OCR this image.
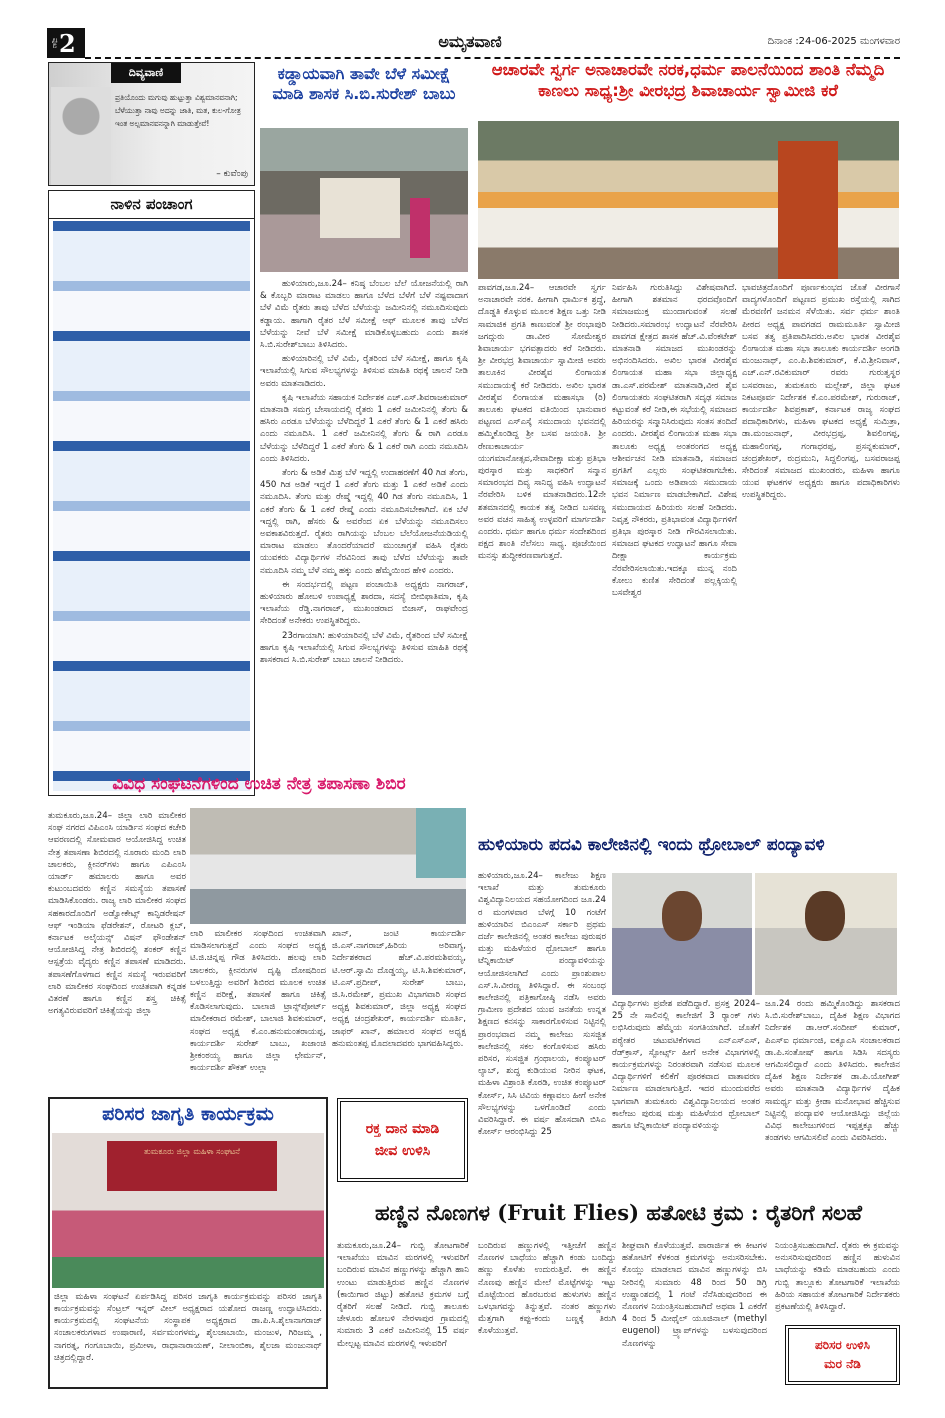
ಪುಟ 2	ಅಮೃತವಾಣಿ	ದಿನಾಂಕ :24-06-2025 ಮಂಗಳವಾರ
ದಿವ್ಯವಾಣಿ
ಪ್ರತಿಯೊಂದು ಮಗುವು ಹುಟ್ಟುತ್ತಾ ವಿಶ್ವಮಾನವನಾಗಿ; ಬೆಳೆಯುತ್ತಾ ನಾವು ಅದನ್ನು ಜಾತಿ, ಮತ, ಕುಲ-ಗೋತ್ರ ಇಂತ ಅಲ್ಪಮಾನವನನ್ನಾಗಿ ಮಾಡುತ್ತೇವೆ!
– ಕುವೆಂಪು
ನಾಳಿನ ಪಂಚಾಂಗ
ಕಡ್ಡಾಯವಾಗಿ ತಾವೇ ಬೆಳೆ ಸಮೀಕ್ಷೆ ಮಾಡಿ ಶಾಸಕ ಸಿ.ಬಿ.ಸುರೇಶ್ ಬಾಬು

ಹುಳಿಯಾರು,ಜೂ.24– ಕನಿಷ್ಠ ಬೆಂಬಲ ಬೆಲೆ ಯೋಜನೆಯಲ್ಲಿ ರಾಗಿ & ಕೊಬ್ಬರಿ ಮಾರಾಟ ಮಾಡಲು ಹಾಗೂ ಬೆಳೆದ ಬೆಳೆಗೆ ಬೆಳೆ ನಷ್ಟವಾದಾಗ ಬೆಳೆ ವಿಮೆ ರೈತರು ತಾವು ಬೆಳೆದ ಬೆಳೆಯನ್ನು ಜಮೀನಿನಲ್ಲಿ ನಮೂದಿಸುವುದು ಕಡ್ಡಾಯ. ಹಾಗಾಗಿ ರೈತರ ಬೆಳೆ ಸಮೀಕ್ಷೆ ಆಫ್ ಮೂಲಕ ತಾವು ಬೆಳೆದ ಬೆಳೆಯನ್ನು ನೀವೆ ಬೆಳೆ ಸಮೀಕ್ಷೆ ಮಾಡಿಕೊಳ್ಳಬಹುದು ಎಂದು ಶಾಸಕ ಸಿ.ಬಿ.ಸುರೇಶ್‌ಬಾಬು ತಿಳಿಸಿದರು.

ಹುಳಿಯಾರಿನಲ್ಲಿ ಬೆಳೆ ವಿಮೆ, ರೈತರಿಂದ ಬೆಳೆ ಸಮೀಕ್ಷೆ, ಹಾಗೂ ಕೃಷಿ ಇಲಾಖೆಯಲ್ಲಿ ಸಿಗುವ ಸೌಲಭ್ಯಗಳನ್ನು ತಿಳಿಸುವ ಮಾಹಿತಿ ರಥಕ್ಕೆ ಚಾಲನೆ ನೀಡಿ ಅವರು ಮಾತನಾಡಿದರು.

ಕೃಷಿ ಇಲಾಖೆಯ ಸಹಾಯಕ ನಿರ್ದೇಶಕ ಎಚ್.ಎಸ್.ಶಿವರಾಜಕುಮಾರ್ ಮಾತನಾಡಿ ಸಮಗ್ರ ಬೇಸಾಯದಲ್ಲಿ ರೈತರು 1 ಎಕರೆ ಜಮೀನಿನಲ್ಲಿ ತೆಂಗು & ಹಸಿರು ಎರಡೂ ಬೆಳೆಯನ್ನು ಬೆಳೆದಿದ್ದರೆ 1 ಎಕರೆ ತೆಂಗು & 1 ಎಕರೆ ಹಸಿರು ಎಂದು ನಮೂದಿಸಿ. 1 ಎಕರೆ ಜಮೀನಿನಲ್ಲಿ ತೆಂಗು & ರಾಗಿ ಎರಡೂ ಬೆಳೆಯನ್ನು ಬೆಳೆದಿದ್ದರೆ 1 ಎಕರೆ ತೆಂಗು & 1 ಎಕರೆ ರಾಗಿ ಎಂದು ನಮೂದಿಸಿ ಎಂದು ತಿಳಿಸಿದರು.

ತೆಂಗು & ಅಡಿಕೆ ಮಿಶ್ರ ಬೆಳೆ ಇದ್ದಲ್ಲಿ ಉದಾಹರಣೆಗೆ 40 ಗಿಡ ತೆಂಗು, 450 ಗಿಡ ಅಡಿಕೆ ಇದ್ದರೆ 1 ಎಕರೆ ತೆಂಗು ಮತ್ತು 1 ಎಕರೆ ಅಡಿಕೆ ಎಂದು ನಮೂದಿಸಿ. ತೆಂಗು ಮತ್ತು ರೇಷ್ಮೆ ಇದ್ದಲ್ಲಿ 40 ಗಿಡ ತೆಂಗು ನಮೂದಿಸಿ, 1 ಎಕರೆ ತೆಂಗು & 1 ಎಕರೆ ರೇಷ್ಮೆ ಎಂದು ನಮೂದಿಸಬೇಕಾಗಿದೆ. ಏಕ ಬೆಳೆ ಇದ್ದಲ್ಲಿ ರಾಗಿ, ಹೆಸರು & ಅವರೆಂದ ಏಕ ಬೆಳೆಯನ್ನು ನಮೂದಿಸಲು ಅವಕಾಶವಿರುತ್ತದೆ. ರೈತರು ರಾಗಿಯನ್ನು ಬೆಂಬಲ ಬೆಲೆಯೋಜನೆಯಡಿಯಲ್ಲಿ ಮಾರಾಟ ಮಾಡಲು ತೊಂದರೆಯಾದರೆ ಮುಂಚಾಗ್ರತೆ ವಹಿಸಿ ರೈತರು ಯುವಕರು ವಿದ್ಯಾರ್ಥಿಗಳ ನೆರವಿನಿಂದ ತಾವು ಬೆಳೆದ ಬೆಳೆಯನ್ನು ತಾವೇ ನಮೂದಿಸಿ ನಮ್ಮ ಬೆಳೆ ನಮ್ಮ ಹಕ್ಕು ಎಂದು ಹೆಮ್ಮೆಯಿಂದ ಹೇಳಿ ಎಂದರು.

ಈ ಸಂದರ್ಭದಲ್ಲಿ ಪಟ್ಟಣ ಪಂಚಾಯಿತಿ ಅಧ್ಯಕ್ಷರು ನಾಗರಾಜ್, ಹುಳಿಯಾರು ಹೋಬಳಿ ಉಪಾಧ್ಯಕ್ಷೆ ಶಾರದಾ, ಸದಸ್ಯೆ ಬೀಬಿಫಾತಿಮಾ, ಕೃಷಿ ಇಲಾಖೆಯ ರೆಡ್ಡಿ.ನಾಗರಾಜ್, ಮುಖಂಡರಾದ ಬಿಜಾಸ್, ರಾಘವೇಂದ್ರ ಸೇರಿದಂತೆ ಅನೇಕರು ಉಪಸ್ಥಿತರಿದ್ದರು.

23ರಗಾಯಾಗಿ: ಹುಳಿಯಾರಿನಲ್ಲಿ ಬೆಳೆ ವಿಮೆ, ರೈತರಿಂದ ಬೆಳೆ ಸಮೀಕ್ಷೆ ಹಾಗೂ ಕೃಷಿ ಇಲಾಖೆಯಲ್ಲಿ ಸಿಗುವ ಸೌಲಭ್ಯಗಳನ್ನು ತಿಳಿಸುವ ಮಾಹಿತಿ ರಥಕ್ಕೆ ಶಾಸಕರಾದ ಸಿ.ಬಿ.ಸುರೇಶ್ ಬಾಬು ಚಾಲನೆ ನೀಡಿದರು.

ಆಚಾರವೇ ಸ್ವರ್ಗ ಅನಾಚಾರವೇ ನರಕ,ಧರ್ಮ ಪಾಲನೆಯಿಂದ ಶಾಂತಿ ನೆಮ್ಮದಿ ಕಾಣಲು ಸಾಧ್ಯ:ಶ್ರೀ ವೀರಭದ್ರ ಶಿವಾಚಾರ್ಯ ಸ್ವಾಮೀಜಿ ಕರೆ
ಪಾವಗಡ,ಜೂ.24– ಆಚಾರವೇ ಸ್ವರ್ಗ ಅನಾಚಾರವೇ ನರಕ. ಹೀಗಾಗಿ ಧಾರ್ಮಿಕ ಶ್ರದ್ಧೆ, ದೊಡ್ಡತಿ ಕೊಳ್ಳುವ ಮೂಲಕ ಶಿಕ್ಷಣ ಒತ್ತು ನೀಡಿ ಸಾಮಾಜಿಕ ಪ್ರಗತಿ ಕಾಣುವಂತೆ ಶ್ರೀ ರಂಭಾಪುರಿ ಜಗದ್ಗುರು ಡಾ.ವೀರ ಸೋಮೇಶ್ವರ ಶಿವಾಚಾರ್ಯ ಭಗವತ್ಪಾದರು ಕರೆ ನೀಡಿದರು. ಶ್ರೀ ವೀರಭದ್ರ ಶಿವಾಚಾರ್ಯ ಸ್ವಾಮೀಜಿ ಅವರು ತಾಲೂಕಿನ ವೀರಶೈವ ಲಿಂಗಾಯತ ಸಮುದಾಯಕ್ಕೆ ಕರೆ ನೀಡಿದರು. ಅಖಿಲ ಭಾರತ ವೀರಶೈವ ಲಿಂಗಾಯತ ಮಹಾಸಭಾ (ರಿ) ತಾಲೂಕು ಘಟಕದ ವತಿಯಿಂದ ಭಾನುವಾರ ಪಟ್ಟಣದ ಎಸ್ಎಸ್ಕೆ ಸಮುದಾಯ ಭವನದಲ್ಲಿ ಹಮ್ಮಿಕೊಂಡಿದ್ದ ಶ್ರೀ ಬಸವ ಜಯಂತಿ. ಶ್ರೀ ರೇಣುಕಾಚಾರ್ಯ ಯುಗಮಾನೋತ್ಸವ,ಸೇವಾದೀಕ್ಷಾ ಮತ್ತು ಪ್ರತಿಭಾ ಪುರಸ್ಕಾರ ಮತ್ತು ಸಾಧಕರಿಗೆ ಸನ್ಮಾನ ಸಮಾರಂಭದ ದಿವ್ಯ ಸಾನಿಧ್ಯ ವಹಿಸಿ ಉದ್ಘಾಟನೆ ನೆರವೇರಿಸಿ ಬಳಿಕ ಮಾತನಾಡಿದರು.12ನೇ ಶತಮಾನದಲ್ಲಿ ಕಾಯಕ ತತ್ವ ನೀಡಿದ ಬಸವಣ್ಣ ಅವರ ವಚನ ಸಾಹಿತ್ಯ ಉಳ್ಳವರಿಗೆ ಮಾರ್ಗದರ್ಶಿ ಎಂದರು. ಧರ್ಮ ಹಾಗೂ ಧರ್ಮ ಸಂದೇಶದಿಂದ ಪಕ್ಷದ ಶಾಂತಿ ನೆಲೆಸಲು ಸಾಧ್ಯ. ಪೂಜೆಯಿಂದ ಮನಸ್ಸು ಶುದ್ಧೀಕರಣವಾಗುತ್ತದೆ.
ನಿರ್ವಹಿಸಿ ಗುರುತಿಸಿದ್ದು ವಿಶೇಷವಾಗಿದೆ. ಹೀಗಾಗಿ ಶತಮಾನ ಧರದವೊಂದಿಗೆ ಸಮಾಜಮುಕ್ತ ಮುಂದಾಗುವಂತೆ ಸಲಹೆ ನೀಡಿದರು.ಸಮಾರಂಭ ಉದ್ಘಾಟನೆ ನೆರವೇರಿಸಿ ಪಾವಗಡ ಕ್ಷೇತ್ರದ ಶಾಸಕ ಹೆಚ್.ವಿ.ವೆಂಕಟೇಶ್ ಮಾತನಾಡಿ ಸಮಾಜದ ಮುಖಂಡರನ್ನು ಅಭಿನಂದಿಸಿದರು. ಅಖಿಲ ಭಾರತ ವೀರಶೈವ ಲಿಂಗಾಯತ ಮಹಾ ಸಭಾ ಜಿಲ್ಲಾಧ್ಯಕ್ಷ ಡಾ.ಎಸ್.ಪರಮೇಶ್ ಮಾತನಾಡಿ,ವೀರ ಶೈವ ಲಿಂಗಾಯತರು ಸಂಘಟಿತರಾಗಿ ಸದೃಢ ಸಮಾಜ ಕಟ್ಟುವಂತೆ ಕರೆ ನೀಡಿ,ಈ ಸಭೆಯಲ್ಲಿ ಸಮಾಜದ ಹಿರಿಯರನ್ನು ಸನ್ಮಾನಿಸಿರುವುದು ಸಂತಸ ತಂದಿದೆ ಎಂದರು. ವೀರಶೈವ ಲಿಂಗಾಯತ ಮಹಾ ಸಭಾ ತಾಲೂಕು ಅಧ್ಯಕ್ಷ ಅಂತರಂಗದ ಅಧ್ಯಕ್ಷ ಆಶೀರ್ವಚನ ನೀಡಿ ಮಾತನಾಡಿ, ಸಮಾಜದ ಪ್ರಗತಿಗೆ ಎಲ್ಲರು ಸಂಘಟಿತರಾಗಬೇಕು. ಸಮಾಜಕ್ಕೆ ಒಂದು ಅಡಿಪಾಯ ಸಮುದಾಯ ಭವನ ನಿರ್ಮಾಣ ಮಾಡಬೇಕಾಗಿದೆ. ವಿಶೇಷ ಸಮುದಾಯದ ಹಿರಿಯರು ಸಲಹೆ ನೀಡಿದರು. ನಿವೃತ್ತ ನೌಕರರು, ಪ್ರತಿಭಾವಂತ ವಿದ್ಯಾರ್ಥಿಗಳಿಗೆ ಪ್ರತಿಭಾ ಪುರಸ್ಕಾರ ನೀಡಿ ಗೌರವಿಸಲಾಯಿತು. ಸಮಾಜದ ಘಟಕದ ಉದ್ಘಾಟನೆ ಹಾಗೂ ಸೇವಾ ದೀಕ್ಷಾ ಕಾರ್ಯಕ್ರಮ ನೆರವೇರಿಸಲಾಯಿತು.ಇದಕ್ಕೂ ಮುನ್ನ ನಂದಿ ಕೋಲು ಕುಣಿತ ಸೇರಿದಂತೆ ಪಲ್ಲಕ್ಕಿಯಲ್ಲಿ ಬಸವೇಶ್ವರ
ಭಾವಚಿತ್ರದೊಂದಿಗೆ ಪೂರ್ಣಕುಂಭದ ಜೊತೆ ವೀರಗಾಸೆ ವಾದ್ಯಗಳೊಂದಿಗೆ ಪಟ್ಟಣದ ಪ್ರಮುಖ ರಸ್ತೆಯಲ್ಲಿ ಸಾಗಿದ ಮೆರವಣಿಗೆ ಜನಮನ ಸೆಳೆಯಿತು. ಸರ್ವ ಧರ್ಮ ಶಾಂತಿ ಪೀಠದ ಅಧ್ಯಕ್ಷ ಪಾವಗಡದ ರಾಮಮೂರ್ತಿ ಸ್ವಾಮೀಜಿ ಬಸವ ತತ್ವ ಪ್ರತಿಪಾದಿಸಿದರು.ಅಖಿಲ ಭಾರತ ವೀರಶೈವ ಲಿಂಗಾಯತ ಮಹಾ ಸಭಾ ತಾಲೂಕು ಕಾರ್ಯದರ್ಶಿ ಅಂಗಡಿ ಮಂಜುನಾಥ್, ಎಂ.ಪಿ.ಶಿವಕುಮಾರ್, ಕೆ.ವಿ.ಶ್ರೀನಿವಾಸ್, ಎಚ್.ಎನ್.ರವಿಕುಮಾರ್ ರವರು ಗುರುತ್ವಸ್ಥರ ಬಸವರಾಜು, ತುಮಕೂರು ಮಲ್ಲೇಶ್, ಜಿಲ್ಲಾ ಘಟಕ ನಿಕಟಪೂರ್ವ ನಿರ್ದೇಶಕ ಕೆ.ಎಂ.ಪರಮೇಶ್, ಗುರುರಾಜ್, ಕಾರ್ಯದರ್ಶಿ ಶಿವಪ್ರಕಾಶ್, ಕರ್ನಾಟಕ ರಾಜ್ಯ ಸಂಘದ ಪದಾಧಿಕಾರಿಗಳು, ಮಹಿಳಾ ಘಟಕದ ಅಧ್ಯಕ್ಷೆ ಸುಮಿತ್ರಾ, ಡಾ.ಮಂಜುನಾಥ್, ವೀರಭದ್ರಪ್ಪ, ಶಿವಲಿಂಗಪ್ಪ, ಮಹಾಲಿಂಗಪ್ಪ, ಗಂಗಾಧರಪ್ಪ, ಪ್ರಸನ್ನಕುಮಾರ್, ಚಂದ್ರಶೇಖರ್, ರುದ್ರಮುನಿ, ಸಿದ್ದಲಿಂಗಪ್ಪ, ಬಸವರಾಜಪ್ಪ ಸೇರಿದಂತೆ ಸಮಾಜದ ಮುಖಂಡರು, ಮಹಿಳಾ ಹಾಗೂ ಯುವ ಘಟಕಗಳ ಅಧ್ಯಕ್ಷರು ಹಾಗೂ ಪದಾಧಿಕಾರಿಗಳು ಉಪಸ್ಥಿತರಿದ್ದರು.
ವಿವಿಧ ಸಂಘಟನೆಗಳಿಂದ ಉಚಿತ ನೇತ್ರ ತಪಾಸಣಾ ಶಿಬಿರ
ತುಮಕೂರು,ಜೂ.24– ಜಿಲ್ಲಾ ಲಾರಿ ಮಾಲೀಕರ ಸಂಘ ನಗರದ ವಿಪಿಎಂಸಿ ಯಾರ್ಡಿನ ಸಂಘದ ಕಚೇರಿ ಆವರಣದಲ್ಲಿ ಸೋಮವಾರ ಆಯೋಜಿಸಿದ್ದ ಉಚಿತ ನೇತ್ರ ತಪಾಸಣಾ ಶಿಬಿರದಲ್ಲಿ ನೂರಾರು ಮಂದಿ ಲಾರಿ ಚಾಲಕರು, ಕ್ಲೀನರ್‌ಗಳು ಹಾಗೂ ಎಪಿಎಂಸಿ ಯಾರ್ಡ್ ಹಮಾಲರು ಹಾಗೂ ಅವರ ಕುಟುಂಬದವರು ಕಣ್ಣಿನ ಸಮಸ್ಯೆಯ ತಪಾಸಣೆ ಮಾಡಿಸಿಕೊಂಡರು. ರಾಜ್ಯ ಲಾರಿ ಮಾಲೀಕರ ಸಂಘದ ಸಹಕಾರದೊಂದಿಗೆ ಅಡ್ವೋಕೇಟ್ಸ್ ಕಾನ್ಫಿಡರೇಷನ್ ಆಫ್ ಇಂಡಿಯಾ ಫೆಡರೇಶನ್, ರೋಟರಿ ಕ್ಲಬ್, ಕರ್ನಾಟಕ ಅಲೈಯನ್ಸ್ ವಿಷನ್ ಫೌಂಡೇಶನ್ ಆಯೋಜಿಸಿದ್ದ ನೇತ್ರ ಶಿಬಿರದಲ್ಲಿ ಶಂಕರ್ ಕಣ್ಣಿನ ಆಸ್ಪತ್ರೆಯ ವೈದ್ಯರು ಕಣ್ಣಿನ ತಪಾಸಣೆ ಮಾಡಿದರು. ತಪಾಸಣೆಗೊಳಗಾದ ಕಣ್ಣಿನ ಸಮಸ್ಯೆ ಇರುವವರಿಗೆ ಲಾರಿ ಮಾಲೀಕರ ಸಂಘದಿಂದ ಉಚಿತವಾಗಿ ಕನ್ನಡಕ ವಿತರಣೆ ಹಾಗೂ ಕಣ್ಣಿನ ಶಸ್ತ್ರ ಚಿಕಿತ್ಸೆ ಅಗತ್ಯವಿರುವವರಿಗೆ ಚಿಕಿತ್ಸೆಯನ್ನು ಜಿಲ್ಲಾ
ಲಾರಿ ಮಾಲೀಕರ ಸಂಘದಿಂದ ಉಚಿತವಾಗಿ ಮಾಡಿಸಲಾಗುತ್ತದೆ ಎಂದು ಸಂಘದ ಅಧ್ಯಕ್ಷ ಟಿ.ಜಿ.ಚಿನ್ನಪ್ಪ ಗೌಡ ತಿಳಿಸಿದರು. ಹಲವು ಲಾರಿ ಚಾಲಕರು, ಕ್ಲೀನರುಗಳ ದೃಷ್ಟಿ ದೋಷದಿಂದ ಬಳಲುತ್ತಿದ್ದು ಅವರಿಗೆ ಶಿಬಿರದ ಮೂಲಕ ಉಚಿತ ಕಣ್ಣಿನ ಪರೀಕ್ಷೆ, ತಪಾಸಣೆ ಹಾಗೂ ಚಿಕಿತ್ಸೆ ಕೊಡಿಸಲಾಗುವುದು. ಬಾಲಾಜಿ ಟ್ರಾನ್ಸ್‌ಪೋರ್ಟ್ ಮಾಲೀಕರಾದ ರಮೇಶ್, ಬಾಲಾಜಿ ಶಿವಕುಮಾರ್, ಸಂಘದ ಅಧ್ಯಕ್ಷ ಕೆ.ಎಂ.ಹನುಮಂತರಾಯಪ್ಪ, ಕಾರ್ಯದರ್ಶಿ ಸುರೇಶ್ ಬಾಬು, ಖಜಾಂಚಿ ಶ್ರೀಕಂಠಯ್ಯ ಹಾಗೂ ಜಿಲ್ಲಾ ಛೇರ್ಮನ್, ಕಾರ್ಯದರ್ಶಿ ಶೌಕತ್ ಉಲ್ಲಾ
ಖಾನ್, ಜಂಟಿ ಕಾರ್ಯದರ್ಶಿ ಜಿ.ಎಸ್.ನಾಗರಾಜ್,ಹಿರಿಯ ಅರಿವಾಗ್ಯ, ನಿರ್ದೇಶಕರಾದ ಹೆಚ್.ವಿ.ಪರಮಶಿವಯ್ಯ, ಟಿ.ಆರ್.ಸ್ವಾಮಿ ದೊಡ್ಡಯ್ಯ, ಟಿ.ಸಿ.ಶಿವಕುಮಾರ್, ಟಿ.ಎಸ್.ಪ್ರದೀಪ್, ಸುರೇಶ್ ಬಾಬು, ಜಿ.ಸಿ.ರಮೇಶ್, ಪ್ರಮುಖ ವಿಭಾಗವಾರಿ ಸಂಘದ ಅಧ್ಯಕ್ಷ ಶಿವಕುಮಾರ್, ಜಿಲ್ಲಾ ಅಧ್ಯಕ್ಷ ಸಂಘದ ಅಧ್ಯಕ್ಷ ಚಂದ್ರಶೇಖರ್, ಕಾರ್ಯದರ್ಶಿ ಮೂರ್ತಿ, ಜಾಫರ್ ಖಾನ್, ಹಮಾಲರ ಸಂಘದ ಅಧ್ಯಕ್ಷ ಹನುಮಂತಪ್ಪ ಮೊದಲಾದವರು ಭಾಗವಹಿಸಿದ್ದರು.
ಹುಳಿಯಾರು ಪದವಿ ಕಾಲೇಜಿನಲ್ಲಿ ಇಂದು ಥ್ರೋಬಾಲ್ ಪಂದ್ಯಾವಳಿ
ಹುಳಿಯಾರು,ಜೂ.24– ಕಾಲೇಜು ಶಿಕ್ಷಣ ಇಲಾಖೆ ಮತ್ತು ತುಮಕೂರು ವಿಶ್ವವಿದ್ಯಾನಿಲಯದ ಸಹಯೋಗದಿಂದ ಜೂ.24 ರ ಮಂಗಳವಾರ ಬೆಳಗ್ಗೆ 10 ಗಂಟೆಗೆ ಹುಳಿಯಾರಿನ ಬಿಎಂಎಸ್ ಸರ್ಕಾರಿ ಪ್ರಥಮ ದರ್ಜೆ ಕಾಲೇಜಿನಲ್ಲಿ ಅಂತರ ಕಾಲೇಜು ಪುರುಷರ ಮತ್ತು ಮಹಿಳೆಯರ ಥ್ರೋಬಾಲ್ ಹಾಗೂ ಟೆನ್ನಿಕಾಯಿಟ್ ಪಂದ್ಯಾವಳಿಯನ್ನು ಆಯೋಜಿಸಲಾಗಿದೆ ಎಂದು ಪ್ರಾಂಶುಪಾಲ ಎಸ್.ಸಿ.ವೀರಣ್ಣ ತಿಳಿಸಿದ್ದಾರೆ. ಈ ಸಂಬಂಧ ಕಾಲೇಜಿನಲ್ಲಿ ಪತ್ರಿಕಾಗೋಷ್ಠಿ ನಡೆಸಿ ಅವರು ಗ್ರಾಮೀಣ ಪ್ರದೇಶದ ಯುವ ಜನತೆಯ ಉನ್ನತ ಶಿಕ್ಷಣದ ಕನಸನ್ನು ಸಾಕಾರಗೊಳಿಸುವ ನಿಟ್ಟಿನಲ್ಲಿ ಪ್ರಾರಂಭವಾದ ನಮ್ಮ ಕಾಲೇಜು ಸುಸಜ್ಜಿತ ಕಾಲೇಜಿನಲ್ಲಿ ಸಕಲ ಕಂಗೊಳಿಸುವ ಹಸಿರು ಪರಿಸರ, ಸುಸಜ್ಜಿತ ಗ್ರಂಥಾಲಯ, ಕಂಪ್ಯೂಟರ್ ಲ್ಯಾಬ್, ಶುದ್ಧ ಕುಡಿಯುವ ನೀರಿನ ಘಟಕ, ಮಹಿಳಾ ವಿಶ್ರಾಂತಿ ಕೊಠಡಿ, ಉಚಿತ ಕಂಪ್ಯೂಟರ್ ಕೋರ್ಸ್, ಸಿಸಿ ಟಿವಿಯ ಕಣ್ಗಾವಲು ಹೀಗೆ ಅನೇಕ ಸೌಲಭ್ಯಗಳನ್ನು ಒಳಗೊಂಡಿದೆ ಎಂದು ವಿವರಿಸಿದ್ದಾರೆ. ಈ ವರ್ಷ ಹೊಸದಾಗಿ ಬಿಸಿಎ ಕೋರ್ಸ್ ಆರಂಭಿಸಿದ್ದು 25
ವಿದ್ಯಾರ್ಥಿಗಳು ಪ್ರವೇಶ ಪಡೆದಿದ್ದಾರೆ. ಪ್ರಸಕ್ತ 2024–25 ನೇ ಸಾಲಿನಲ್ಲಿ ಕಾಲೇಜಿಗೆ 3 ರ‍್ಯಾಂಕ್ ಗಳು ಲಭಿಸಿರುವುದು ಹೆಮ್ಮೆಯ ಸಂಗತಿಯಾಗಿದೆ. ಜೊತೆಗೆ ಪಠ್ಯೇತರ ಚಟುವಟಿಕೆಗಳಾದ ಎನ್ಎಸ್ಎಸ್, ರೆಡ್‌ಕ್ರಾಸ್, ಸ್ಪೋರ್ಟ್ಸ್ ಹೀಗೆ ಅನೇಕ ವಿಭಾಗಗಳಲ್ಲಿ ಕಾರ್ಯಕ್ರಮಗಳನ್ನು ನಿರಂತರವಾಗಿ ನಡೆಸುವ ಮೂಲಕ ವಿದ್ಯಾರ್ಥಿಗಳಿಗೆ ಕಲಿಕೆಗೆ ಪೂರಕವಾದ ವಾತಾವರಣ ನಿರ್ಮಾಣ ಮಾಡಲಾಗುತ್ತಿದೆ. ಇದರ ಮುಂದುವರೆದ ಭಾಗವಾಗಿ ತುಮಕೂರು ವಿಶ್ವವಿದ್ಯಾನಿಲಯದ ಅಂತರ ಕಾಲೇಜು ಪುರುಷ ಮತ್ತು ಮಹಿಳೆಯರ ಥ್ರೋಬಾಲ್ ಹಾಗೂ ಟೆನ್ನಿಕಾಯಿಟ್ ಪಂದ್ಯಾವಳಿಯನ್ನು
ಜೂ.24 ರಂದು ಹಮ್ಮಿಕೊಂಡಿದ್ದು ಶಾಸಕರಾದ ಸಿ.ಬಿ.ಸುರೇಶ್‌ಬಾಬು, ದೈಹಿಕ ಶಿಕ್ಷಣ ವಿಭಾಗದ ನಿರ್ದೇಶಕ ಡಾ.ಆರ್.ಸಂದೀಪ್ ಕುಮಾರ್, ಪಿಎಸ್‌ಐ ಧರ್ಮಾಂಜಿ, ಐಕ್ಯೂಎಸಿ ಸಂಚಾಲಕರಾದ ಡಾ.ಪಿ.ಸಂತೋಷ್ ಹಾಗೂ ಸಿಡಿಸಿ ಸದಸ್ಯರು ಆಗಮಿಸಲಿದ್ದಾರೆ ಎಂದು ತಿಳಿಸಿದರು. ಕಾಲೇಜಿನ ದೈಹಿಕ ಶಿಕ್ಷಣ ನಿರ್ದೇಶಕ ಡಾ.ಪಿ.ಯೋಗೀಶ್ ಅವರು ಮಾತನಾಡಿ ವಿದ್ಯಾರ್ಥಿಗಳ ದೈಹಿಕ ಸಾಮರ್ಥ್ಯ ಮತ್ತು ಕ್ರೀಡಾ ಮನೋಭಾವ ಹೆಚ್ಚಿಸುವ ನಿಟ್ಟಿನಲ್ಲಿ ಪಂದ್ಯಾವಳಿ ಆಯೋಜಿಸಿದ್ದು ಜಿಲ್ಲೆಯ ವಿವಿಧ ಕಾಲೇಜುಗಳಿಂದ ಇಪ್ಪತ್ತಕ್ಕೂ ಹೆಚ್ಚು ತಂಡಗಳು ಆಗಮಿಸಲಿವೆ ಎಂದು ವಿವರಿಸಿದರು.
ಪರಿಸರ ಜಾಗೃತಿ ಕಾರ್ಯಕ್ರಮ
ತುಮಕೂರು ಜಿಲ್ಲಾ ಮಹಿಳಾ ಸಂಘಟನೆ
ಜಿಲ್ಲಾ ಮಹಿಳಾ ಸಂಘಟನೆ ಏರ್ಪಡಿಸಿದ್ದ ಪರಿಸರ ಜಾಗೃತಿ ಕಾರ್ಯಕ್ರಮವನ್ನು ಪರಿಸರ ಜಾಗೃತಿ ಕಾರ್ಯಕ್ರಮವನ್ನು ಸೆಂಟ್ರಲ್ ಇನ್ನರ್ ವೀಲ್ ಅಧ್ಯಕ್ಷರಾದ ಯಶೋದ ರಾಜಣ್ಣ ಉದ್ಘಾಟಿಸಿದರು. ಕಾರ್ಯಕ್ರಮದಲ್ಲಿ ಸಂಘಟನೆಯ ಸಂಸ್ಥಾಪಕ ಅಧ್ಯಕ್ಷರಾದ ಡಾ.ಪಿ.ಸಿ.ಶೈಲಾನಾಗರಾಜ್ ಸಂಚಾಲಕರುಗಳಾದ ಉಷಾರಾಣಿ, ಸರ್ವಮಂಗಳಮ್ಮ, ಶೈಲಜಾಬಾಯಿ, ಮಂಜುಳ, ಗಿರಿಜಮ್ಮ , ನಾಗರತ್ನ, ಗಂಗೂಬಾಯಿ, ಪ್ರಮೀಳಾ, ರಾಧಾನಾರಾಯಣ್, ನೀಲಾಂಬಿಕಾ, ಶೈಲಜಾ ಮಂಜುನಾಥ್ ಚಿತ್ರದಲ್ಲಿದ್ದಾರೆ.
ರಕ್ತ ದಾನ ಮಾಡಿ
ಜೀವ ಉಳಿಸಿ
ಹಣ್ಣಿನ ನೊಣಗಳ (Fruit Flies) ಹತೋಟಿ ಕ್ರಮ : ರೈತರಿಗೆ ಸಲಹೆ
ತುಮಕೂರು,ಜೂ.24– ಗುಬ್ಬಿ ತೋಟಗಾರಿಕೆ ಇಲಾಖೆಯು ಮಾವಿನ ಮರಗಳಲ್ಲಿ ಇಳುವರಿಗೆ ಬಂದಿರುವ ಮಾವಿನ ಹಣ್ಣುಗಳನ್ನು ಹೆಚ್ಚಾಗಿ ಹಾನಿ ಉಂಟು ಮಾಡುತ್ತಿರುವ ಹಣ್ಣಿನ ನೊಣಗಳ (ಕಾಯಿಗಾರ ಜಿಟ್ಟು) ಹತೋಟಿ ಕ್ರಮಗಳ ಬಗ್ಗೆ ರೈತರಿಗೆ ಸಲಹೆ ನೀಡಿದೆ. ಗುಬ್ಬಿ ತಾಲೂಕು ಚೇಳೂರು ಹೋಬಳಿ ನೇರಳಾಪುರ ಗ್ರಾಮದಲ್ಲಿ ಸುಮಾರು 3 ಎಕರೆ ಜಮೀನಿನಲ್ಲಿ 15 ವರ್ಷ ಮೇಲ್ಪಟ್ಟ ಮಾವಿನ ಮರಗಳಲ್ಲಿ ಇಳುವರಿಗೆ
ಬಂದಿರುವ ಹಣ್ಣುಗಳಲ್ಲಿ ಇತ್ತೀಚೆಗೆ ಹಣ್ಣಿನ ನೊಣಗಳ ಬಾಧೆಯು ಹೆಚ್ಚಾಗಿ ಕಂಡು ಬಂದಿದ್ದು ಹಣ್ಣು ಕೊಳೆತು ಉದುರುತ್ತಿವೆ. ಈ ಹಣ್ಣಿನ ನೊಣವು ಹಣ್ಣಿನ ಮೇಲೆ ಮೊಟ್ಟೆಗಳನ್ನು ಇಟ್ಟು ಮೊಟ್ಟೆಯಿಂದ ಹೊರಬರುವ ಹುಳುಗಳು ಹಣ್ಣಿನ ಒಳಭಾಗವನ್ನು ತಿನ್ನುತ್ತವೆ. ನಂತರ ಹಣ್ಣುಗಳು ಮೆತ್ತಗಾಗಿ ಕಪ್ಪು-ಕಂದು ಬಣ್ಣಕ್ಕೆ ತಿರುಗಿ ಕೊಳೆಯುತ್ತವೆ.
ಶೀಘ್ರವಾಗಿ ಕೊಳೆಯುತ್ತವೆ. ಪಾರಾರ್ಜಿತ ಈ ಕೀಟಗಳ ಹತೋಟಿಗೆ ಕೆಳಕಂಡ ಕ್ರಮಗಳನ್ನು ಅನುಸರಿಸಬೇಕು. ಕೊಯ್ಲು ಮಾಡಲಾದ ಮಾವಿನ ಹಣ್ಣುಗಳನ್ನು ಬಿಸಿ ನೀರಿನಲ್ಲಿ ಸುಮಾರು 48 ರಿಂದ 50 ಡಿಗ್ರಿ ಉಷ್ಣಾಂಶದಲ್ಲಿ 1 ಗಂಟೆ ನೆನೆಸಿಡುವುದರಿಂದ ಈ ನೊಣಗಳ ನಿಯಂತ್ರಿಸಬಹುದಾಗಿದೆ ಅಥವಾ 1 ಎಕರೆಗೆ 4 ರಿಂದ 5 ಮೀಥೈಲ್ ಯೂಜಿನಾಲ್ (methyl eugenol) ಟ್ರ್ಯಾಪ್‌ಗಳನ್ನು ಬಳಸುವುದರಿಂದ ನೊಣಗಳನ್ನು
ನಿಯಂತ್ರಿಸಬಹುದಾಗಿದೆ. ರೈತರು ಈ ಕ್ರಮವನ್ನು ಅನುಸರಿಸುವುದರಿಂದ ಹಣ್ಣಿನ ಹುಳುವಿನ ಬಾಧೆಯನ್ನು ಕಡಿಮೆ ಮಾಡಬಹುದು ಎಂದು ಗುಬ್ಬಿ ತಾಲ್ಲೂಕು ತೋಟಗಾರಿಕೆ ಇಲಾಖೆಯ ಹಿರಿಯ ಸಹಾಯಕ ತೋಟಗಾರಿಕೆ ನಿರ್ದೇಶಕರು ಪ್ರಕಟಣೆಯಲ್ಲಿ ತಿಳಿಸಿದ್ದಾರೆ.
ಪರಿಸರ ಉಳಿಸಿ
ಮರ ನೆಡಿ
